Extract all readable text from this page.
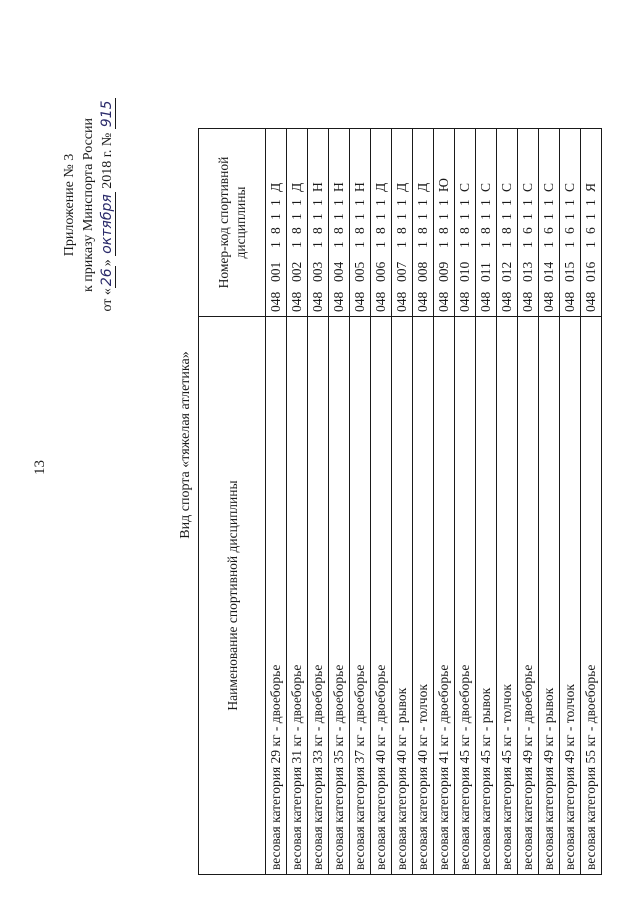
13
Приложение № 3 к приказу Минспорта России
от «26» октября 2018 г. № 915
Вид спорта «тяжелая атлетика»
Наименование спортивной дисциплины	Номер-код спортивной дисциплины
весовая категория 29 кг - двоеборье	0480011811Д
весовая категория 31 кг - двоеборье	0480021811Д
весовая категория 33 кг - двоеборье	0480031811Н
весовая категория 35 кг - двоеборье	0480041811Н
весовая категория 37 кг - двоеборье	0480051811Н
весовая категория 40 кг - двоеборье	0480061811Д
весовая категория 40 кг - рывок	0480071811Д
весовая категория 40 кг - толчок	0480081811Д
весовая категория 41 кг - двоеборье	0480091811Ю
весовая категория 45 кг - двоеборье	0480101811С
весовая категория 45 кг - рывок	0480111811С
весовая категория 45 кг - толчок	0480121811С
весовая категория 49 кг - двоеборье	0480131611С
весовая категория 49 кг - рывок	0480141611С
весовая категория 49 кг - толчок	0480151611С
весовая категория 55 кг - двоеборье	0480161611Я
